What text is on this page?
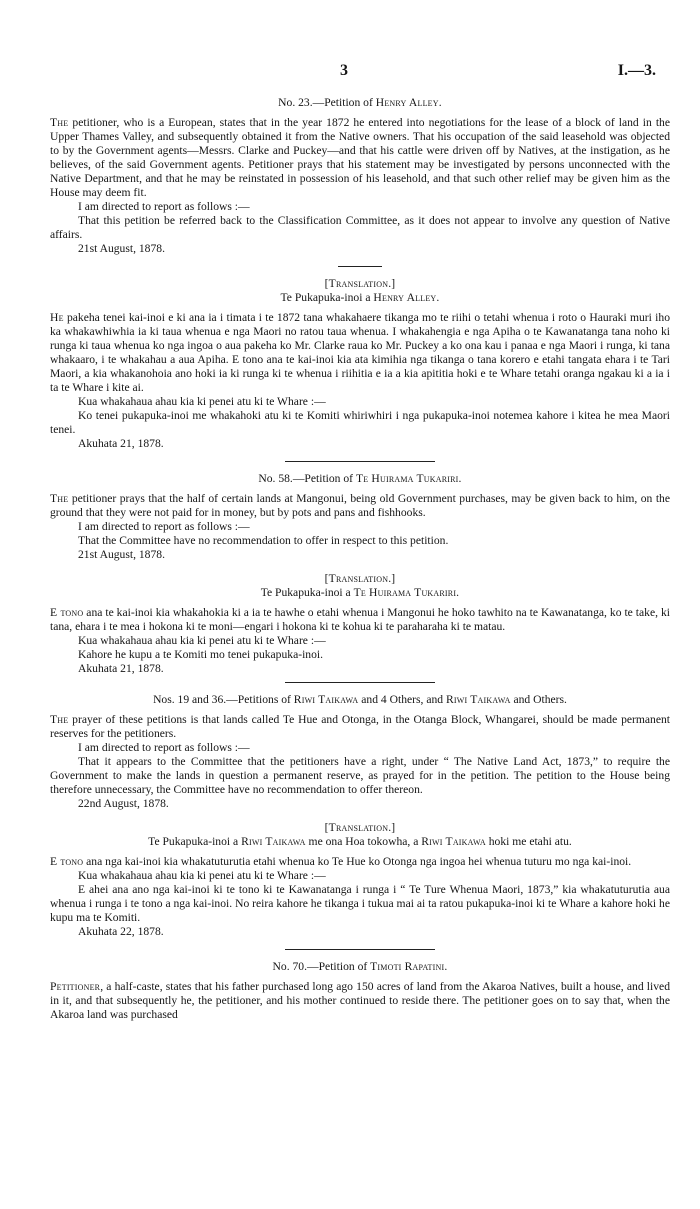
3	I.—3.

No. 23.—Petition of Henry Alley.

The petitioner, who is a European, states that in the year 1872 he entered into negotiations for the lease of a block of land in the Upper Thames Valley, and subsequently obtained it from the Native owners. That his occupation of the said leasehold was objected to by the Government agents—Messrs. Clarke and Puckey—and that his cattle were driven off by Natives, at the instigation, as he believes, of the said Government agents. Petitioner prays that his statement may be investigated by persons unconnected with the Native Department, and that he may be reinstated in possession of his leasehold, and that such other relief may be given him as the House may deem fit.

I am directed to report as follows :—

That this petition be referred back to the Classification Committee, as it does not appear to involve any question of Native affairs.

21st August, 1878.

[Translation.]

Te Pukapuka-inoi a Henry Alley.

He pakeha tenei kai-inoi e ki ana ia i timata i te 1872 tana whakahaere tikanga mo te riihi o tetahi whenua i roto o Hauraki muri iho ka whakawhiwhia ia ki taua whenua e nga Maori no ratou taua whenua. I whakahengia e nga Apiha o te Kawanatanga tana noho ki runga ki taua whenua ko nga ingoa o aua pakeha ko Mr. Clarke raua ko Mr. Puckey a ko ona kau i panaa e nga Maori i runga, ki tana whakaaro, i te whakahau a aua Apiha. E tono ana te kai-inoi kia ata kimihia nga tikanga o tana korero e etahi tangata ehara i te Tari Maori, a kia whakanohoia ano hoki ia ki runga ki te whenua i riihitia e ia a kia apititia hoki e te Whare tetahi oranga ngakau ki a ia i ta te Whare i kite ai.

Kua whakahaua ahau kia ki penei atu ki te Whare :—

Ko tenei pukapuka-inoi me whakahoki atu ki te Komiti whiriwhiri i nga pukapuka-inoi notemea kahore i kitea he mea Maori tenei.

Akuhata 21, 1878.

No. 58.—Petition of Te Huirama Tukariri.

The petitioner prays that the half of certain lands at Mangonui, being old Government purchases, may be given back to him, on the ground that they were not paid for in money, but by pots and pans and fishhooks.

I am directed to report as follows :—

That the Committee have no recommendation to offer in respect to this petition.

21st August, 1878.

[Translation.]

Te Pukapuka-inoi a Te Huirama Tukariri.

E tono ana te kai-inoi kia whakahokia ki a ia te hawhe o etahi whenua i Mangonui he hoko tawhito na te Kawanatanga, ko te take, ki tana, ehara i te mea i hokona ki te moni—engari i hokona ki te kohua ki te paraharaha ki te matau.

Kua whakahaua ahau kia ki penei atu ki te Whare :—

Kahore he kupu a te Komiti mo tenei pukapuka-inoi.

Akuhata 21, 1878.

Nos. 19 and 36.—Petitions of Riwi Taikawa and 4 Others, and Riwi Taikawa and Others.

The prayer of these petitions is that lands called Te Hue and Otonga, in the Otanga Block, Whangarei, should be made permanent reserves for the petitioners.

I am directed to report as follows :—

That it appears to the Committee that the petitioners have a right, under “ The Native Land Act, 1873,” to require the Government to make the lands in question a permanent reserve, as prayed for in the petition. The petition to the House being therefore unnecessary, the Committee have no recommendation to offer thereon.

22nd August, 1878.

[Translation.]

Te Pukapuka-inoi a Riwi Taikawa me ona Hoa tokowha, a Riwi Taikawa hoki me etahi atu.

E tono ana nga kai-inoi kia whakatuturutia etahi whenua ko Te Hue ko Otonga nga ingoa hei whenua tuturu mo nga kai-inoi.

Kua whakahaua ahau kia ki penei atu ki te Whare :—

E ahei ana ano nga kai-inoi ki te tono ki te Kawanatanga i runga i “ Te Ture Whenua Maori, 1873,” kia whakatuturutia aua whenua i runga i te tono a nga kai-inoi. No reira kahore he tikanga i tukua mai ai ta ratou pukapuka-inoi ki te Whare a kahore hoki he kupu ma te Komiti.

Akuhata 22, 1878.

No. 70.—Petition of Timoti Rapatini.

Petitioner, a half-caste, states that his father purchased long ago 150 acres of land from the Akaroa Natives, built a house, and lived in it, and that subsequently he, the petitioner, and his mother continued to reside there. The petitioner goes on to say that, when the Akaroa land was purchased
